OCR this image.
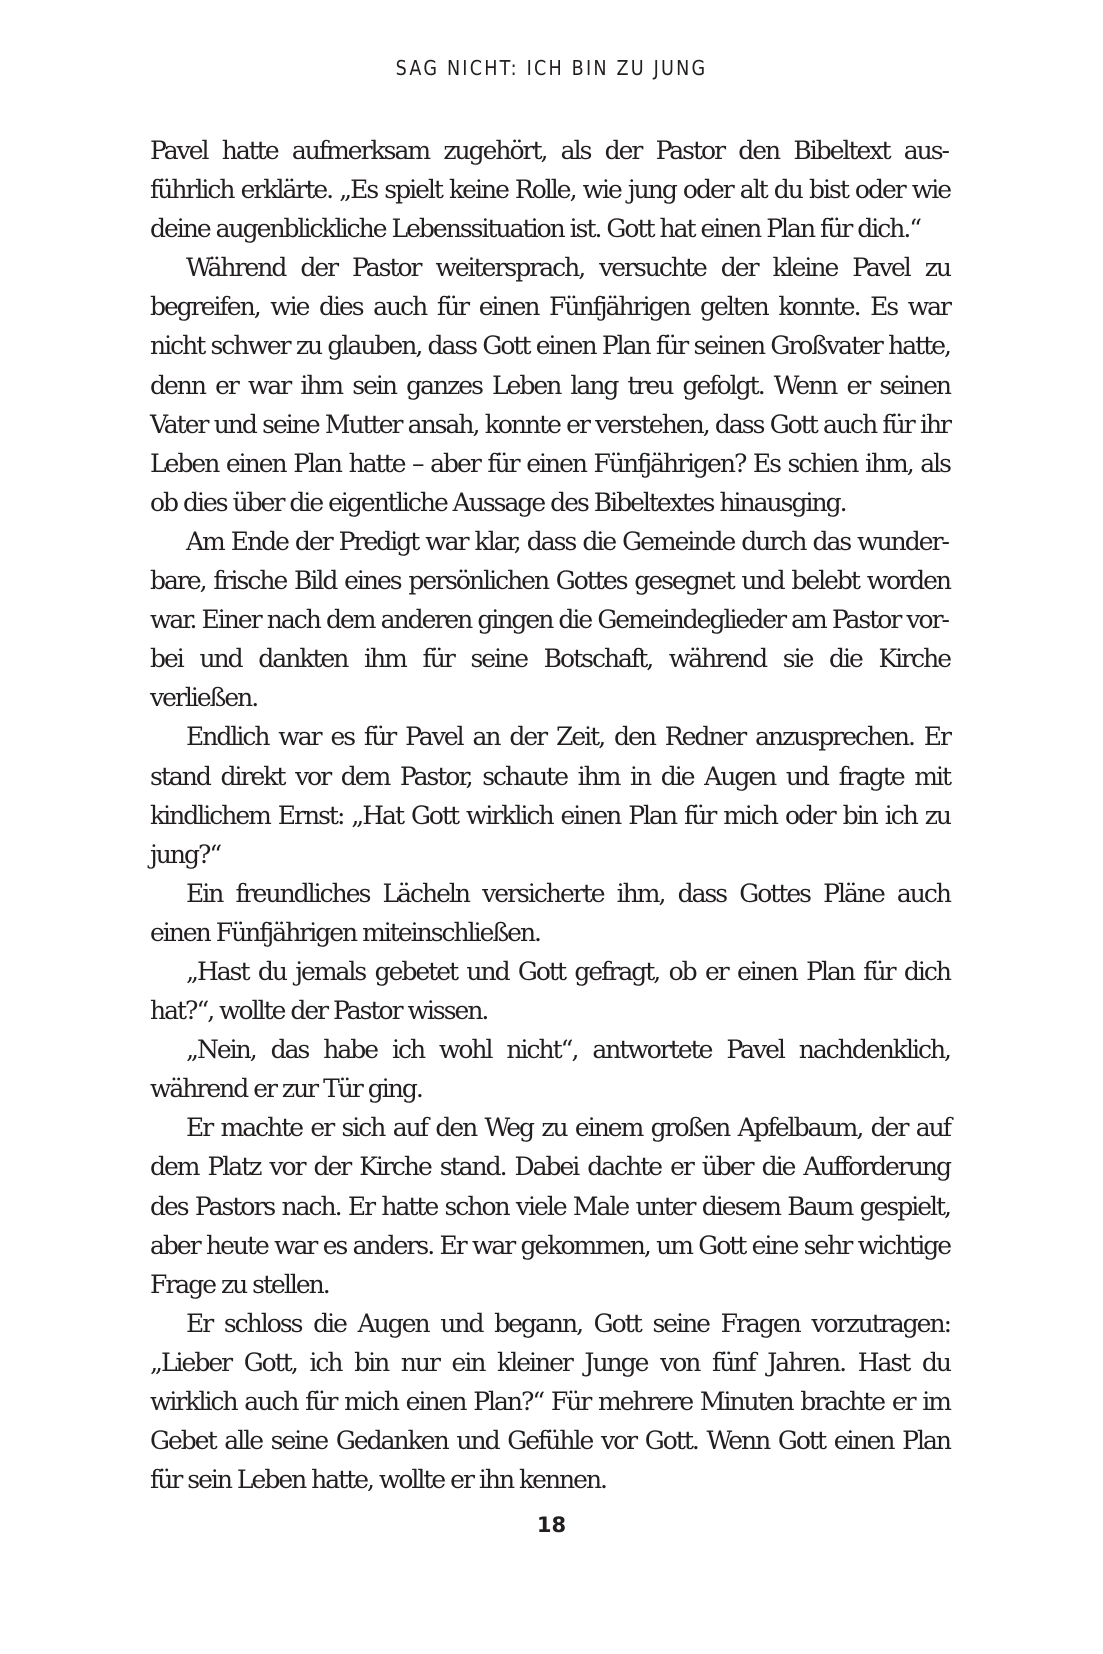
SAG NICHT: ICH BIN ZU JUNG

Pavel hatte aufmerksam zugehört, als der Pastor den Bibeltext ausführlich erklärte. „Es spielt keine Rolle, wie jung oder alt du bist oder wie deine augenblickliche Lebenssituation ist. Gott hat einen Plan für dich.“

Während der Pastor weitersprach, versuchte der kleine Pavel zu begreifen, wie dies auch für einen Fünfjährigen gelten konnte. Es war nicht schwer zu glauben, dass Gott einen Plan für seinen Großvater hatte, denn er war ihm sein ganzes Leben lang treu gefolgt. Wenn er seinen Vater und seine Mutter ansah, konnte er verstehen, dass Gott auch für ihr Leben einen Plan hatte – aber für einen Fünfjährigen? Es schien ihm, als ob dies über die eigentliche Aussage des Bibeltextes hinausging.

Am Ende der Predigt war klar, dass die Gemeinde durch das wunderbare, frische Bild eines persönlichen Gottes gesegnet und belebt worden war. Einer nach dem anderen gingen die Gemeindeglieder am Pastor vorbei und dankten ihm für seine Botschaft, während sie die Kirche verließen.

Endlich war es für Pavel an der Zeit, den Redner anzusprechen. Er stand direkt vor dem Pastor, schaute ihm in die Augen und fragte mit kindlichem Ernst: „Hat Gott wirklich einen Plan für mich oder bin ich zu jung?“

Ein freundliches Lächeln versicherte ihm, dass Gottes Pläne auch einen Fünfjährigen miteinschließen.

„Hast du jemals gebetet und Gott gefragt, ob er einen Plan für dich hat?“, wollte der Pastor wissen.

„Nein, das habe ich wohl nicht“, antwortete Pavel nachdenklich, während er zur Tür ging.

Er machte er sich auf den Weg zu einem großen Apfelbaum, der auf dem Platz vor der Kirche stand. Dabei dachte er über die Aufforderung des Pastors nach. Er hatte schon viele Male unter diesem Baum gespielt, aber heute war es anders. Er war gekommen, um Gott eine sehr wichtige Frage zu stellen.

Er schloss die Augen und begann, Gott seine Fragen vorzutragen: „Lieber Gott, ich bin nur ein kleiner Junge von fünf Jahren. Hast du wirklich auch für mich einen Plan?“ Für mehrere Minuten brachte er im Gebet alle seine Gedanken und Gefühle vor Gott. Wenn Gott einen Plan für sein Leben hatte, wollte er ihn kennen.

18
